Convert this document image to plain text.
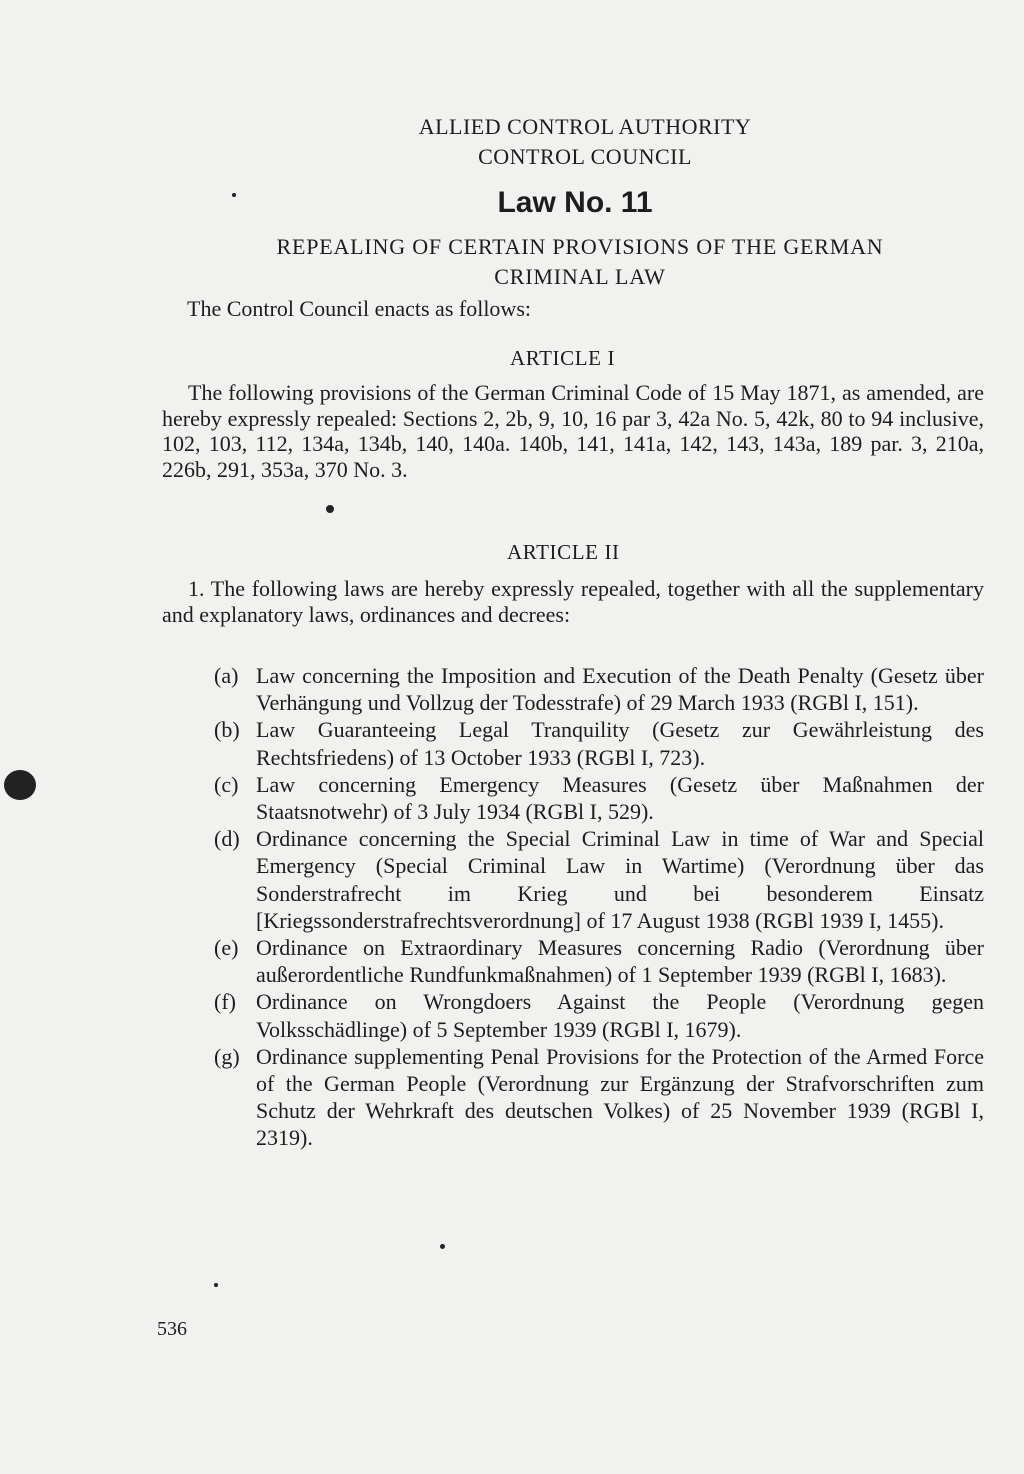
ALLIED CONTROL AUTHORITY
CONTROL COUNCIL
Law No. 11
REPEALING OF CERTAIN PROVISIONS OF THE GERMAN
CRIMINAL LAW
The Control Council enacts as follows:
ARTICLE I
The following provisions of the German Criminal Code of 15 May 1871, as amended, are hereby expressly repealed: Sections 2, 2b, 9, 10, 16 par 3, 42a No. 5, 42k, 80 to 94 inclusive, 102, 103, 112, 134a, 134b, 140, 140a. 140b, 141, 141a, 142, 143, 143a, 189 par. 3, 210a, 226b, 291, 353a, 370 No. 3.
ARTICLE II
1. The following laws are hereby expressly repealed, together with all the supplementary and explanatory laws, ordinances and decrees:
(a) Law concerning the Imposition and Execution of the Death Penalty (Gesetz über Verhängung und Vollzug der Todesstrafe) of 29 March 1933 (RGBl I, 151).
(b) Law Guaranteeing Legal Tranquility (Gesetz zur Gewährleistung des Rechtsfriedens) of 13 October 1933 (RGBl I, 723).
(c) Law concerning Emergency Measures (Gesetz über Maßnahmen der Staatsnotwehr) of 3 July 1934 (RGBl I, 529).
(d) Ordinance concerning the Special Criminal Law in time of War and Special Emergency (Special Criminal Law in Wartime) (Verordnung über das Sonderstrafrecht im Krieg und bei besonderem Einsatz [Kriegssonderstrafrechtsverordnung] of 17 August 1938 (RGBl 1939 I, 1455).
(e) Ordinance on Extraordinary Measures concerning Radio (Verordnung über außerordentliche Rundfunkmaßnahmen) of 1 September 1939 (RGBl I, 1683).
(f) Ordinance on Wrongdoers Against the People (Verordnung gegen Volksschädlinge) of 5 September 1939 (RGBl I, 1679).
(g) Ordinance supplementing Penal Provisions for the Protection of the Armed Force of the German People (Verordnung zur Ergänzung der Strafvorschriften zum Schutz der Wehrkraft des deutschen Volkes) of 25 November 1939 (RGBl I, 2319).
536
